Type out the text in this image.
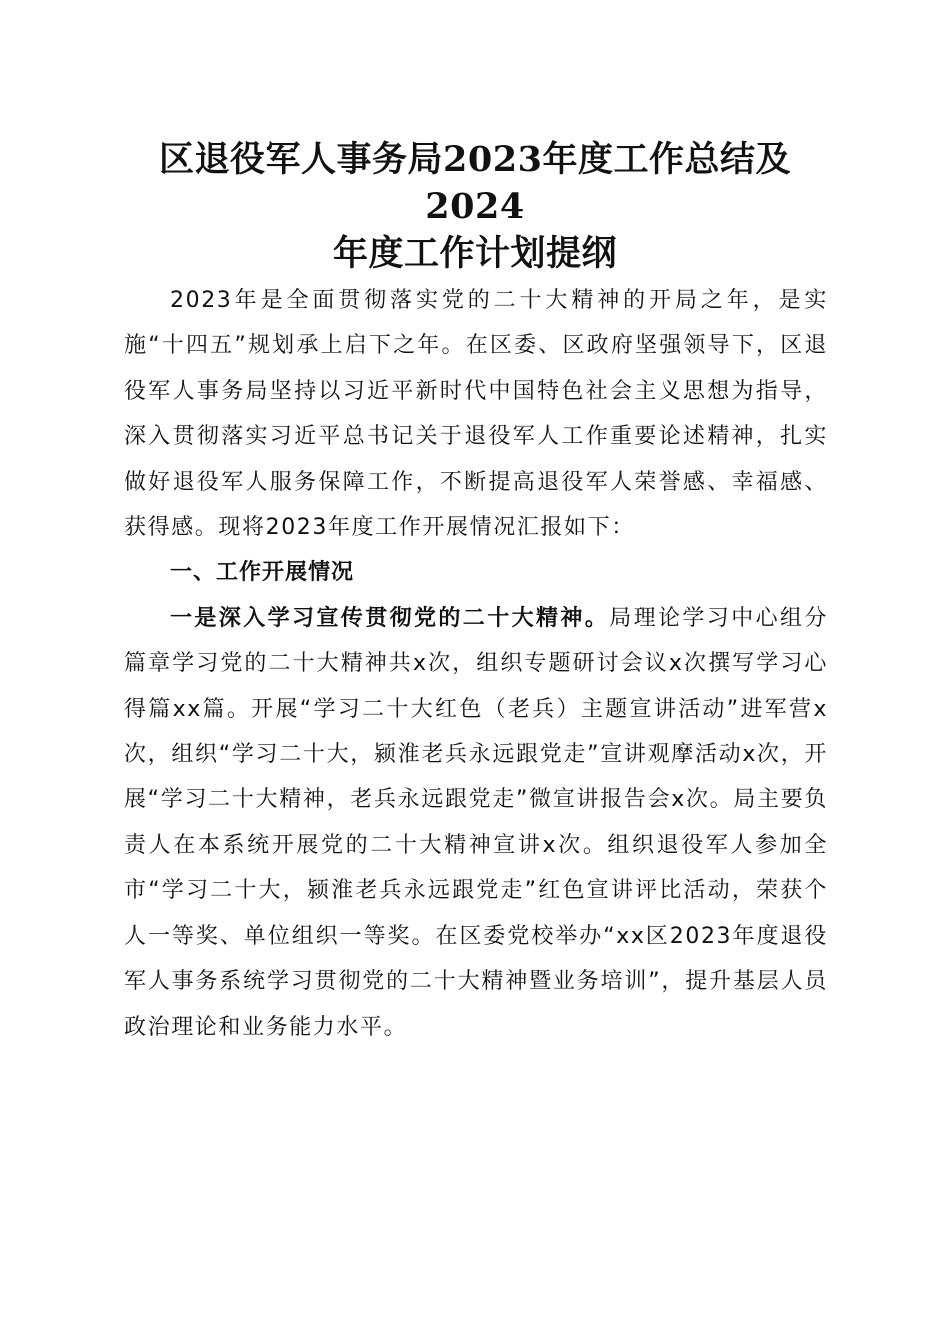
区退役军人事务局2023年度工作总结及2024
年度工作计划提纲

2023年是全面贯彻落实党的二十大精神的开局之年，是实施“十四五”规划承上启下之年。在区委、区政府坚强领导下，区退役军人事务局坚持以习近平新时代中国特色社会主义思想为指导，深入贯彻落实习近平总书记关于退役军人工作重要论述精神，扎实做好退役军人服务保障工作，不断提高退役军人荣誉感、幸福感、获得感。现将2023年度工作开展情况汇报如下：

一、工作开展情况

一是深入学习宣传贯彻党的二十大精神。局理论学习中心组分篇章学习党的二十大精神共x次，组织专题研讨会议x次撰写学习心得篇xx篇。开展“学习二十大红色（老兵）主题宣讲活动”进军营x次，组织“学习二十大，颍淮老兵永远跟党走”宣讲观摩活动x次，开展“学习二十大精神，老兵永远跟党走”微宣讲报告会x次。局主要负责人在本系统开展党的二十大精神宣讲x次。组织退役军人参加全市“学习二十大，颍淮老兵永远跟党走”红色宣讲评比活动，荣获个人一等奖、单位组织一等奖。在区委党校举办“xx区2023年度退役军人事务系统学习贯彻党的二十大精神暨业务培训”，提升基层人员政治理论和业务能力水平。
